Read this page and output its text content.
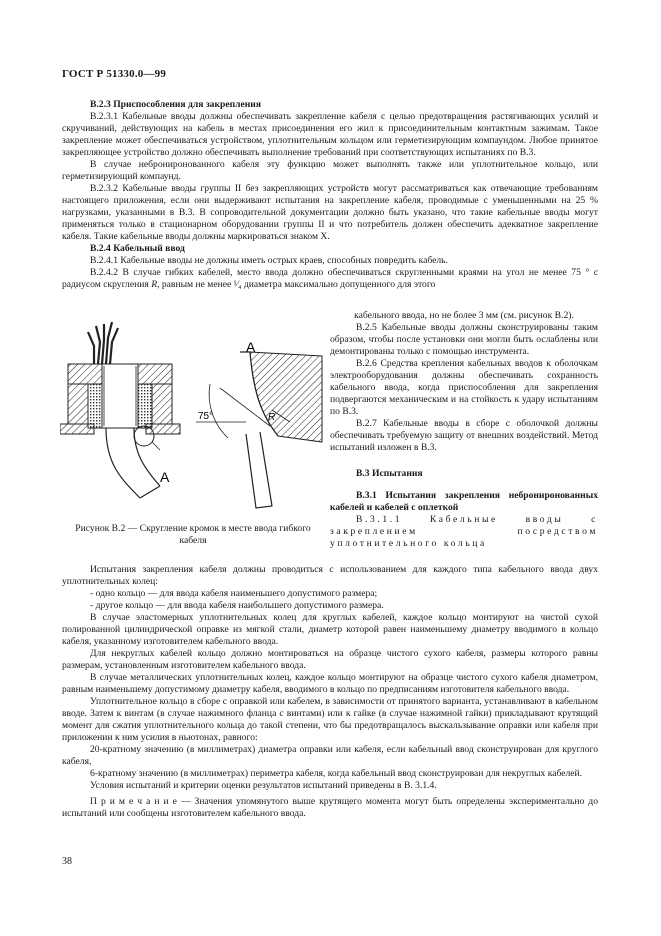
ГОСТ Р 51330.0—99

В.2.3 Приспособления для закрепления

В.2.3.1 Кабельные вводы должны обеспечивать закрепление кабеля с целью предотвращения растягивающих усилий и скручиваний, действующих на кабель в местах присоединения его жил к присоединительным контактным зажимам. Такое закрепление может обеспечиваться устройством, уплотнительным кольцом или герметизирующим компаундом. Любое принятое закрепляющее устройство должно обеспечивать выполнение требований при соответствующих испытаниях по В.3.

В случае неброниронованного кабеля эту функцию может выполнять также или уплотнительное кольцо, или герметизирующий компаунд.

В.2.3.2 Кабельные вводы группы II без закрепляющих устройств могут рассматриваться как отвечающие требованиям настоящего приложения, если они выдерживают испытания на закрепление кабеля, проводимые с уменьшенными на 25 % нагрузками, указанными в В.3. В сопроводительной документации должно быть указано, что такие кабельные вводы могут применяться только в стационарном оборудовании группы II и что потребитель должен обеспечить адекватное закрепление кабеля. Такие кабельные вводы должны маркироваться знаком X.

В.2.4 Кабельный ввод

В.2.4.1 Кабельные вводы не должны иметь острых краев, способных повредить кабель.

В.2.4.2 В случае гибких кабелей, место ввода должно обеспечиваться скругленными краями на угол не менее 75 ° с радиусом скругления R, равным не менее ¹⁄₄ диаметра максимально допущенного для этого

кабельного ввода, но не более 3 мм (см. рисунок В.2).

В.2.5 Кабельные вводы должны сконструированы таким образом, чтобы после установки они могли быть ослаблены или демонтированы только с помощью инструмента.

В.2.6 Средства крепления кабельных вводов к оболочкам электрооборудования должны обеспечивать сохранность кабельного ввода, когда приспособления для закрепления подвергаются механическим и на стойкость к удару испытаниям по В.3.

В.2.7 Кабельные вводы в сборе с оболочкой должны обеспечивать требуемую защиту от внешних воздействий. Метод испытаний изложен в В.3.

В.3 Испытания

В.3.1 Испытания закрепления неброниронованных кабелей и кабелей с оплеткой

В.3.1.1 Кабельные вводы с закреплением посредством уплотнительного кольца

А
А
R
75°
Рисунок В.2 — Скругление кромок в месте ввода гибкого кабеля

Испытания закрепления кабеля должны проводиться с использованием для каждого типа кабельного ввода двух уплотнительных колец:

- одно кольцо — для ввода кабеля наименьшего допустимого размера;

- другое кольцо — для ввода кабеля наибольшего допустимого размера.

В случае эластомерных уплотнительных колец для круглых кабелей, каждое кольцо монтируют на чистой сухой полированной цилиндрической оправке из мягкой стали, диаметр которой равен наименьшему диаметру вводимого в кольцо кабеля, указанному изготовителем кабельного ввода.

Для некруглых кабелей кольцо должно монтироваться на образце чистого сухого кабеля, размеры которого равны размерам, установленным изготовителем кабельного ввода.

В случае металлических уплотнительных колец, каждое кольцо монтируют на образце чистого сухого кабеля диаметром, равным наименьшему допустимому диаметру кабеля, вводимого в кольцо по предписаниям изготовителя кабельного ввода.

Уплотнительное кольцо в сборе с оправкой или кабелем, в зависимости от принятого варианта, устанавливают в кабельном вводе. Затем к винтам (в случае нажимного фланца с винтами) или к гайке (в случае нажимной гайки) прикладывают крутящий момент для сжатия уплотнительного кольца до такой степени, что бы предотвращалось выскальзывание оправки или кабеля при приложении к ним усилия в ньютонах, равного:

20-кратному значению (в миллиметрах) диаметра оправки или кабеля, если кабельный ввод сконструирован для круглого кабеля,

6-кратному значению (в миллиметрах) периметра кабеля, когда кабельный ввод сконструирован для некруглых кабелей.

Условия испытаний и критерии оценки результатов испытаний приведены в В. 3.1.4.

П р и м е ч а н и е — Значения упомянутого выше крутящего момента могут быть определены экспериментально до испытаний или сообщены изготовителем кабельного ввода.

38
